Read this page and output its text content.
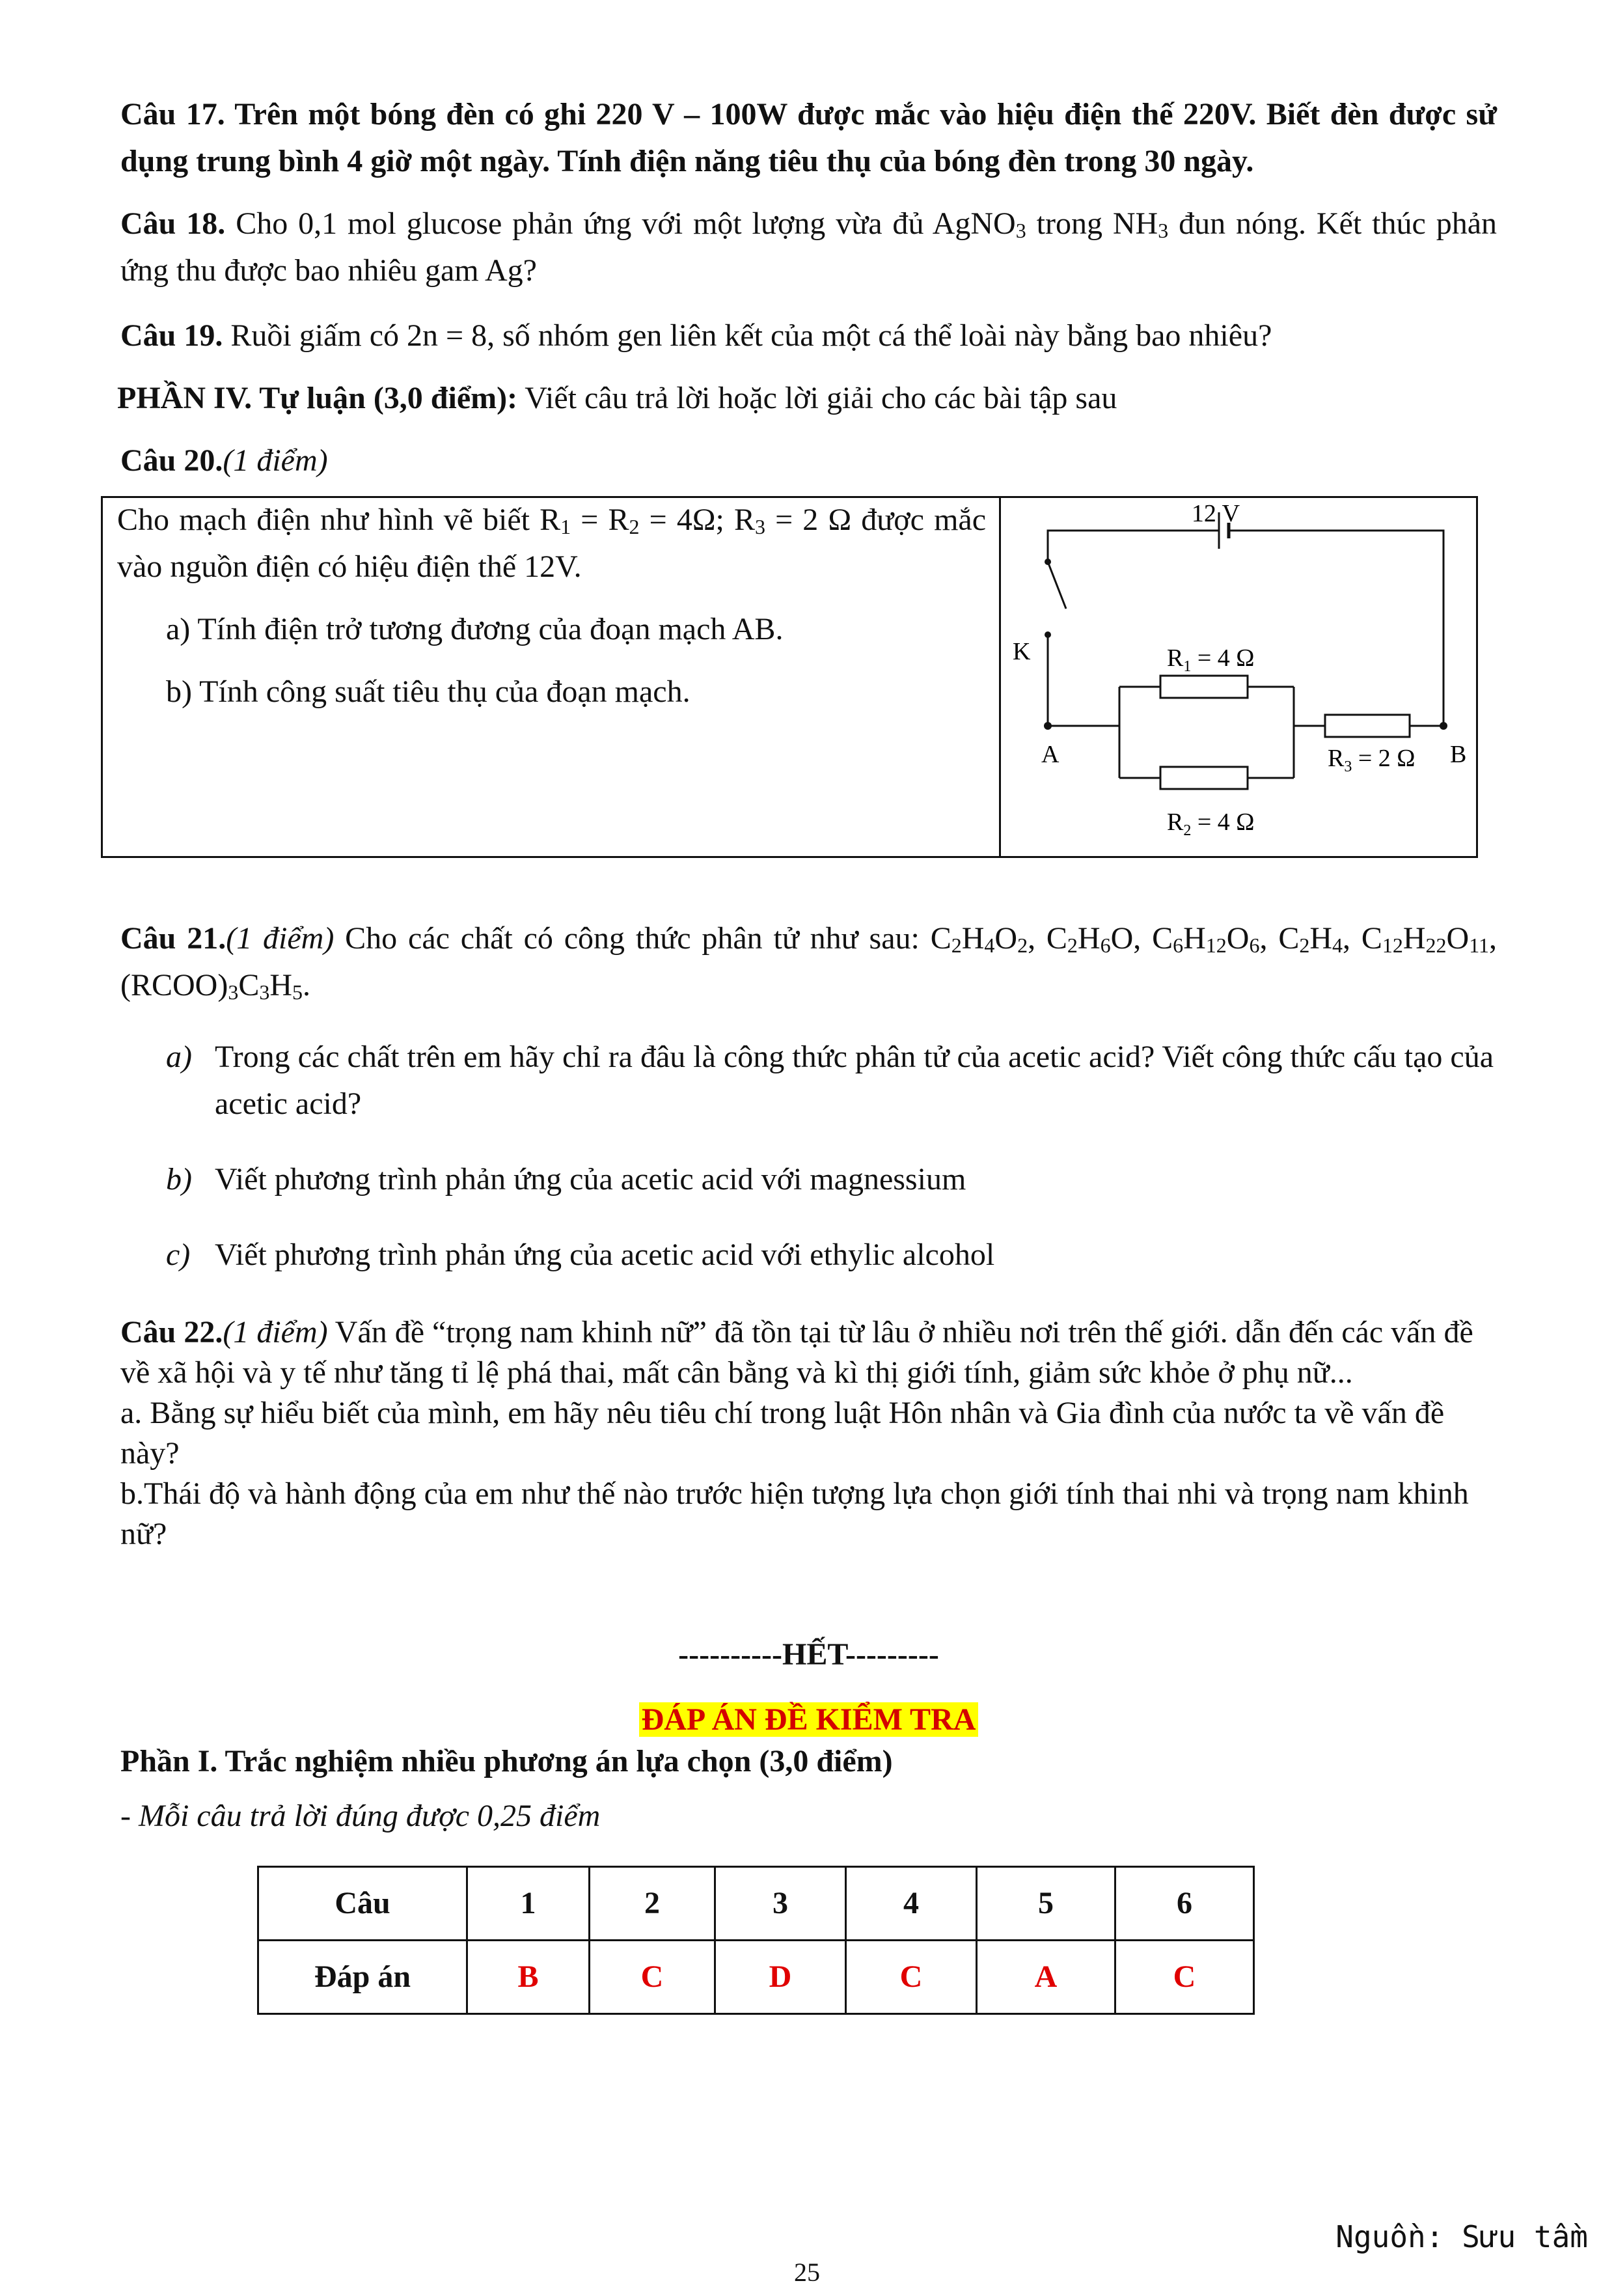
Câu 17. Trên một bóng đèn có ghi 220 V – 100W được mắc vào hiệu điện thế 220V. Biết đèn được sử dụng trung bình 4 giờ một ngày. Tính điện năng tiêu thụ của bóng đèn trong 30 ngày.

Câu 18. Cho 0,1 mol glucose phản ứng với một lượng vừa đủ AgNO$_3$ trong $NH_3$ đun nóng. Kết thúc phản ứng thu được bao nhiêu gam Ag?

Câu 19. Ruồi giấm có 2n = 8, số nhóm gen liên kết của một cá thể loài này bằng bao nhiêu?

PHẦN IV. Tự luận (3,0 điểm): Viết câu trả lời hoặc lời giải cho các bài tập sau

Câu 20.(1 điểm)

Cho mạch điện như hình vẽ biết $R_1 = R_2 = 4\Omega$; $R_3 = 2$ Ω được mắc vào nguồn điện có hiệu điện thế 12V.

a) Tính điện trở tương đương của đoạn mạch AB.

b) Tính công suất tiêu thụ của đoạn mạch.

12 V
K
A	B
$R_1 = 4$ Ω
$R_2 = 4$ Ω
$R_3 = 2$ Ω

Câu 21.(1 điểm) Cho các chất có công thức phân tử như sau: $C_2H_4O_2$, $C_2H_6O$, $C_6H_{12}O_6$, $C_2H_4$, $C_{12}H_{22}O_{11}$, $(RCOO)_3C_3H_5$.

a) Trong các chất trên em hãy chỉ ra đâu là công thức phân tử của acetic acid? Viết công thức cấu tạo của acetic acid?

b) Viết phương trình phản ứng của acetic acid với magnessium

c) Viết phương trình phản ứng của acetic acid với ethylic alcohol

Câu 22.(1 điểm) Vấn đề “trọng nam khinh nữ” đã tồn tại từ lâu ở nhiều nơi trên thế giới. dẫn đến các vấn đề về xã hội và y tế như tăng tỉ lệ phá thai, mất cân bằng và kì thị giới tính, giảm sức khỏe ở phụ nữ...

a. Bằng sự hiểu biết của mình, em hãy nêu tiêu chí trong luật Hôn nhân và Gia đình của nước ta về vấn đề này?

b.Thái độ và hành động của em như thế nào trước hiện tượng lựa chọn giới tính thai nhi và trọng nam khinh nữ?

----------HẾT---------

ĐÁP ÁN ĐỀ KIỂM TRA

Phần I. Trắc nghiệm nhiều phương án lựa chọn (3,0 điểm)

- Mỗi câu trả lời đúng được 0,25 điểm

Câu	1	2	3	4	5	6
Đáp án	B	C	D	C	A	C
Nguồn: Sưu tầm
25
